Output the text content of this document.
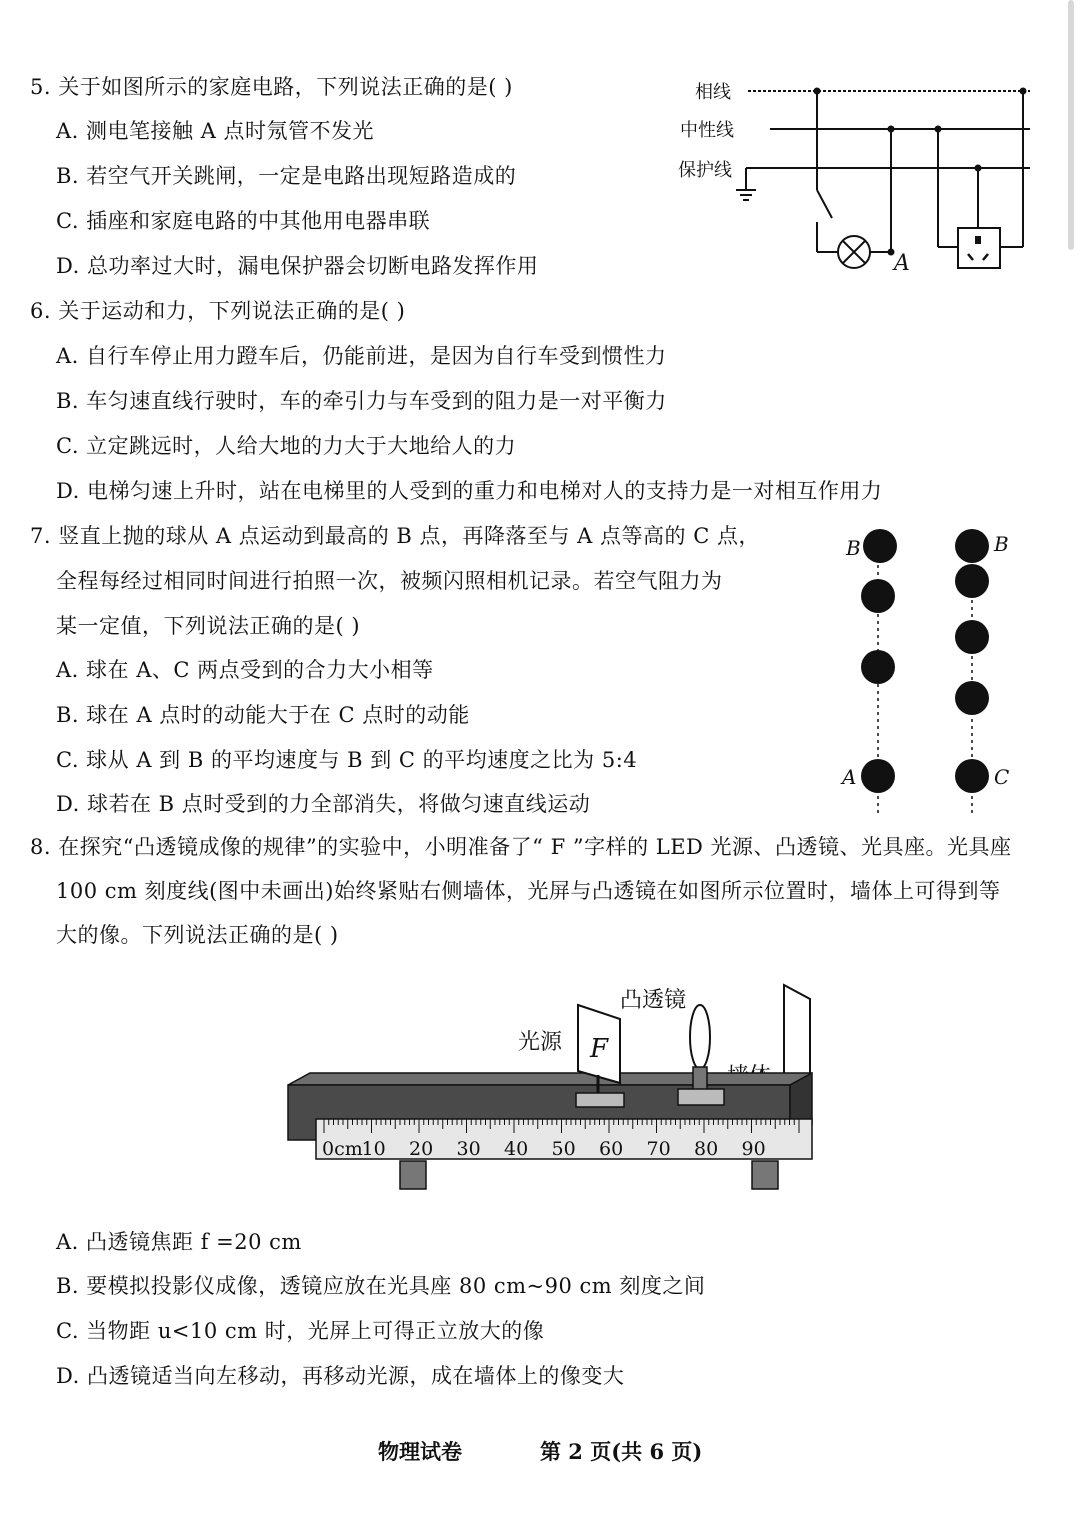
5. 关于如图所示的家庭电路，下列说法正确的是( )
A. 测电笔接触 A 点时氖管不发光
B. 若空气开关跳闸，一定是电路出现短路造成的
C. 插座和家庭电路的中其他用电器串联
D. 总功率过大时，漏电保护器会切断电路发挥作用
相线
中性线
保护线
A
6. 关于运动和力，下列说法正确的是( )
A. 自行车停止用力蹬车后，仍能前进，是因为自行车受到惯性力
B. 车匀速直线行驶时，车的牵引力与车受到的阻力是一对平衡力
C. 立定跳远时，人给大地的力大于大地给人的力
D. 电梯匀速上升时，站在电梯里的人受到的重力和电梯对人的支持力是一对相互作用力
7. 竖直上抛的球从 A 点运动到最高的 B 点，再降落至与 A 点等高的 C 点，
全程每经过相同时间进行拍照一次，被频闪照相机记录。若空气阻力为
某一定值，下列说法正确的是( )
A. 球在 A、C 两点受到的合力大小相等
B. 球在 A 点时的动能大于在 C 点时的动能
C. 球从 A 到 B 的平均速度与 B 到 C 的平均速度之比为 5:4
D. 球若在 B 点时受到的力全部消失，将做匀速直线运动
B
A
B
C
8. 在探究“凸透镜成像的规律”的实验中，小明准备了“ F ”字样的 LED 光源、凸透镜、光具座。光具座
100 cm 刻度线(图中未画出)始终紧贴右侧墙体，光屏与凸透镜在如图所示位置时，墙体上可得到等
大的像。下列说法正确的是( )
0cm
10 20 30 40 50 60 70 80 90
F
光源
凸透镜
A. 凸透镜焦距 f =20 cm
B. 要模拟投影仪成像，透镜应放在光具座 80 cm~90 cm 刻度之间
C. 当物距 u<10 cm 时，光屏上可得正立放大的像
D. 凸透镜适当向左移动，再移动光源，成在墙体上的像变大
物理试卷	第 2 页(共 6 页)
